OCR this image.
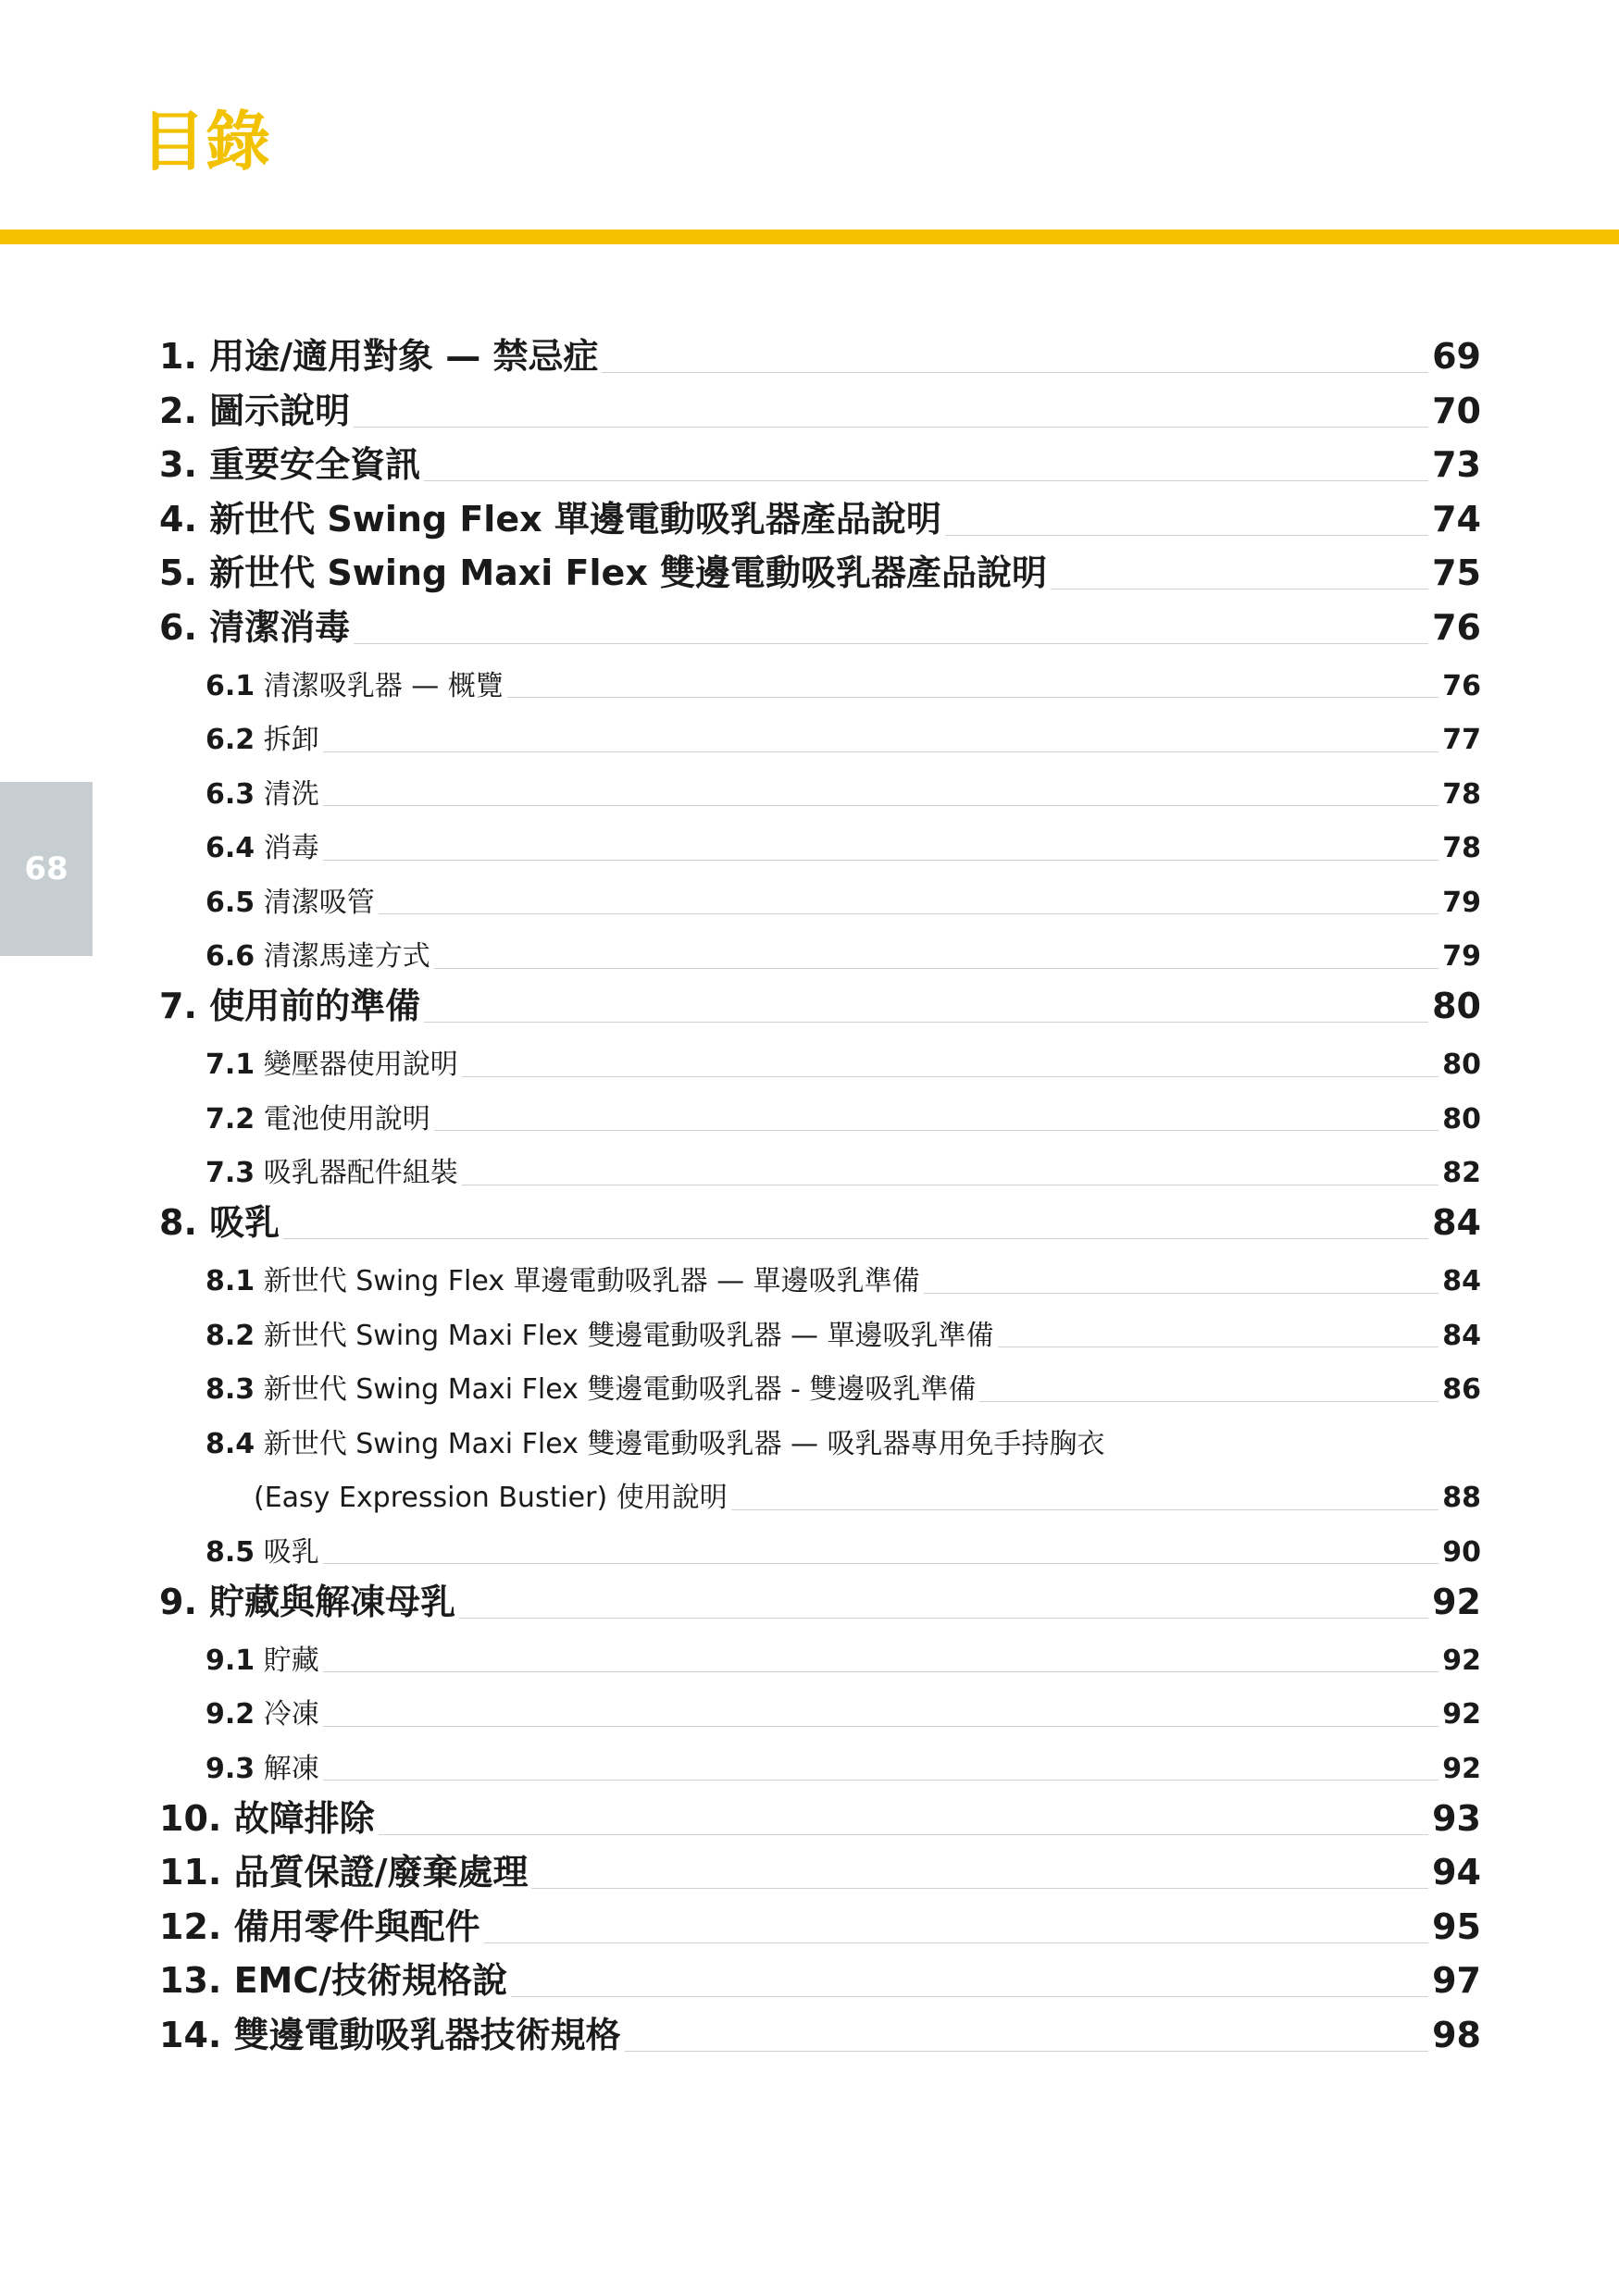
目錄
68
1. 用途/適用對象 — 禁忌症	69
2. 圖示說明	70
3. 重要安全資訊	73
4. 新世代 Swing Flex 單邊電動吸乳器產品說明	74
5. 新世代 Swing Maxi Flex 雙邊電動吸乳器產品說明	75
6. 清潔消毒	76
6.1 清潔吸乳器 — 概覽	76
6.2 拆卸	77
6.3 清洗	78
6.4 消毒	78
6.5 清潔吸管	79
6.6 清潔馬達方式	79
7. 使用前的準備	80
7.1 變壓器使用說明	80
7.2 電池使用說明	80
7.3 吸乳器配件組裝	82
8. 吸乳	84
8.1 新世代 Swing Flex 單邊電動吸乳器 — 單邊吸乳準備	84
8.2 新世代 Swing Maxi Flex 雙邊電動吸乳器 — 單邊吸乳準備	84
8.3 新世代 Swing Maxi Flex 雙邊電動吸乳器 - 雙邊吸乳準備	86
8.4 新世代 Swing Maxi Flex 雙邊電動吸乳器 — 吸乳器專用免手持胸衣
(Easy Expression Bustier) 使用說明	88
8.5 吸乳	90
9. 貯藏與解凍母乳	92
9.1 貯藏	92
9.2 冷凍	92
9.3 解凍	92
10. 故障排除	93
11. 品質保證/廢棄處理	94
12. 備用零件與配件	95
13. EMC/技術規格說	97
14. 雙邊電動吸乳器技術規格	98
